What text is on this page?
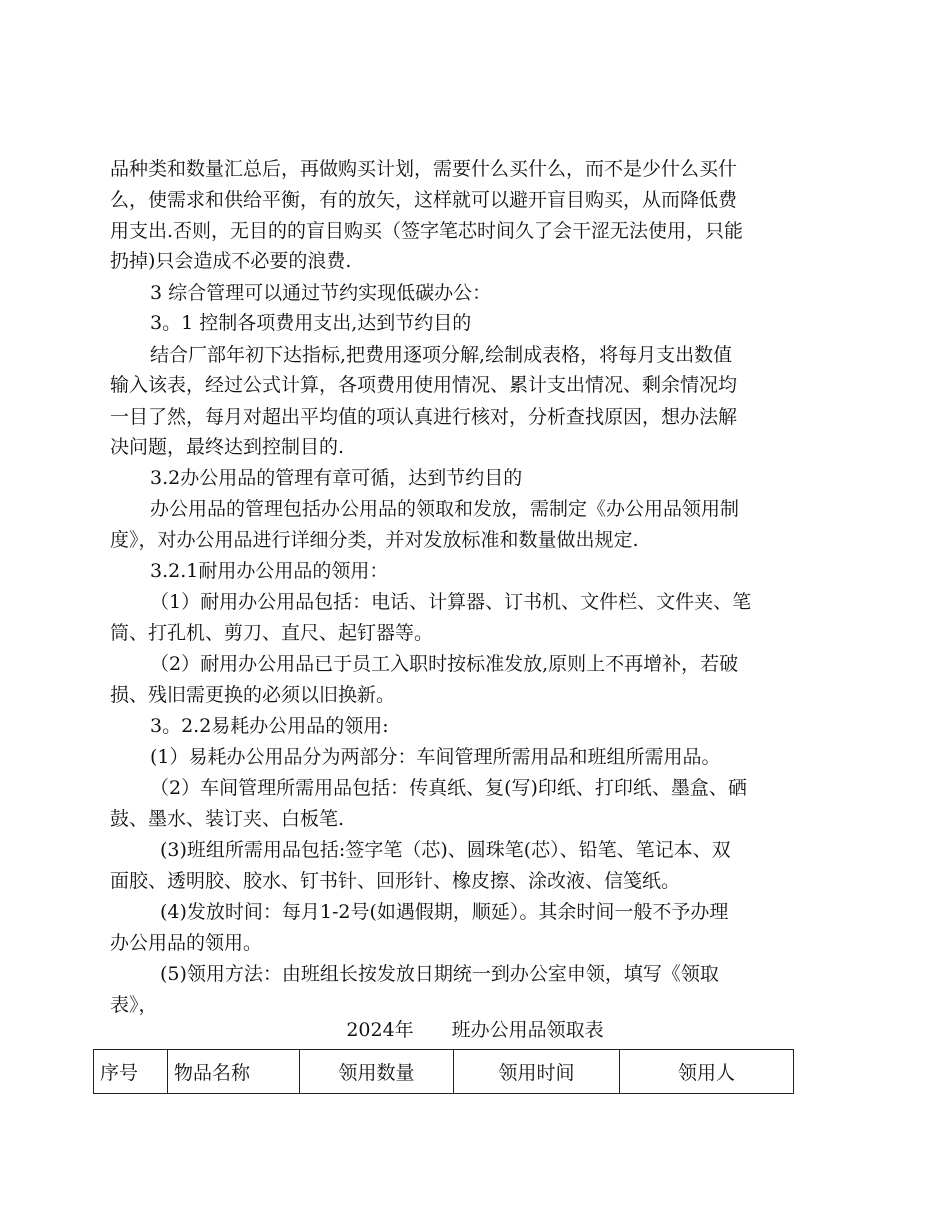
品种类和数量汇总后，再做购买计划，需要什么买什么，而不是少什么买什
么，使需求和供给平衡，有的放矢，这样就可以避开盲目购买，从而降低费
用支出.否则，无目的的盲目购买（签字笔芯时间久了会干涩无法使用，只能
扔掉)只会造成不必要的浪费.
3 综合管理可以通过节约实现低碳办公：
3。1 控制各项费用支出,达到节约目的
结合厂部年初下达指标,把费用逐项分解,绘制成表格，将每月支出数值
输入该表，经过公式计算，各项费用使用情况、累计支出情况、剩余情况均
一目了然，每月对超出平均值的项认真进行核对，分析查找原因，想办法解
决问题，最终达到控制目的.
3.2办公用品的管理有章可循，达到节约目的
办公用品的管理包括办公用品的领取和发放，需制定《办公用品领用制
度》，对办公用品进行详细分类，并对发放标准和数量做出规定.
3.2.1耐用办公用品的领用：
（1）耐用办公用品包括：电话、计算器、订书机、文件栏、文件夹、笔
筒、打孔机、剪刀、直尺、起钉器等。
（2）耐用办公用品已于员工入职时按标准发放,原则上不再增补，若破
损、残旧需更换的必须以旧换新。
3。2.2易耗办公用品的领用:
(1）易耗办公用品分为两部分：车间管理所需用品和班组所需用品。
（2）车间管理所需用品包括：传真纸、复(写)印纸、打印纸、墨盒、硒
鼓、墨水、装订夹、白板笔.
(3)班组所需用品包括:签字笔（芯)、圆珠笔(芯）、铅笔、笔记本、双
面胶、透明胶、胶水、钉书针、回形针、橡皮擦、涂改液、信笺纸。
(4)发放时间：每月1-2号(如遇假期，顺延）。其余时间一般不予办理
办公用品的领用。
(5)领用方法：由班组长按发放日期统一到办公室申领，填写《领取
表》，
2024年　　班办公用品领取表
序号	物品名称	领用数量	领用时间	领用人
